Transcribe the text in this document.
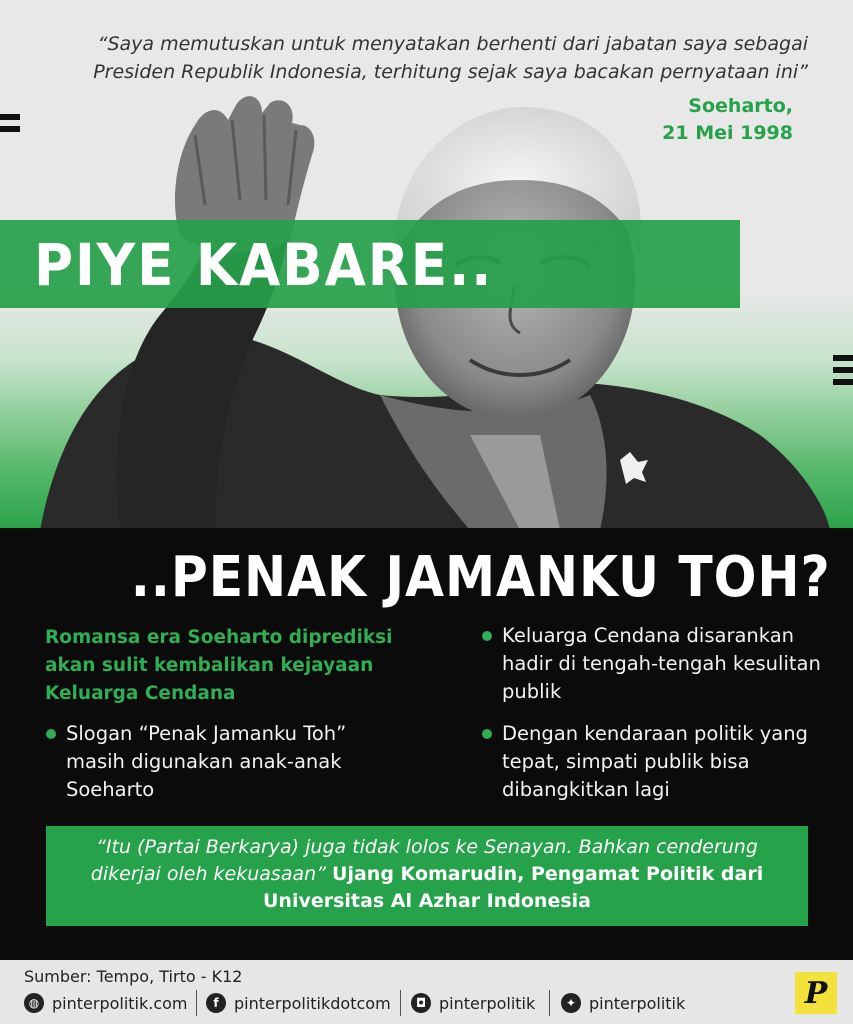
“Saya memutuskan untuk menyatakan berhenti dari jabatan saya sebagai Presiden Republik Indonesia, terhitung sejak saya bacakan pernyataan ini”
Soeharto,
21 Mei 1998
PIYE KABARE..
..PENAK JAMANKU TOH?
Romansa era Soeharto diprediksi akan sulit kembalikan kejayaan Keluarga Cendana
Slogan “Penak Jamanku Toh” masih digunakan anak-anak Soeharto
Keluarga Cendana disarankan hadir di tengah-tengah kesulitan publik
Dengan kendaraan politik yang tepat, simpati publik bisa dibangkitkan lagi
“Itu (Partai Berkarya) juga tidak lolos ke Senayan. Bahkan cenderung dikerjai oleh kekuasaan” Ujang Komarudin, Pengamat Politik dari Universitas Al Azhar Indonesia
Sumber: Tempo, Tirto - K12
◍ pinterpolitik.com	f pinterpolitikdotcom	◘ pinterpolitik	✦ pinterpolitik	P
